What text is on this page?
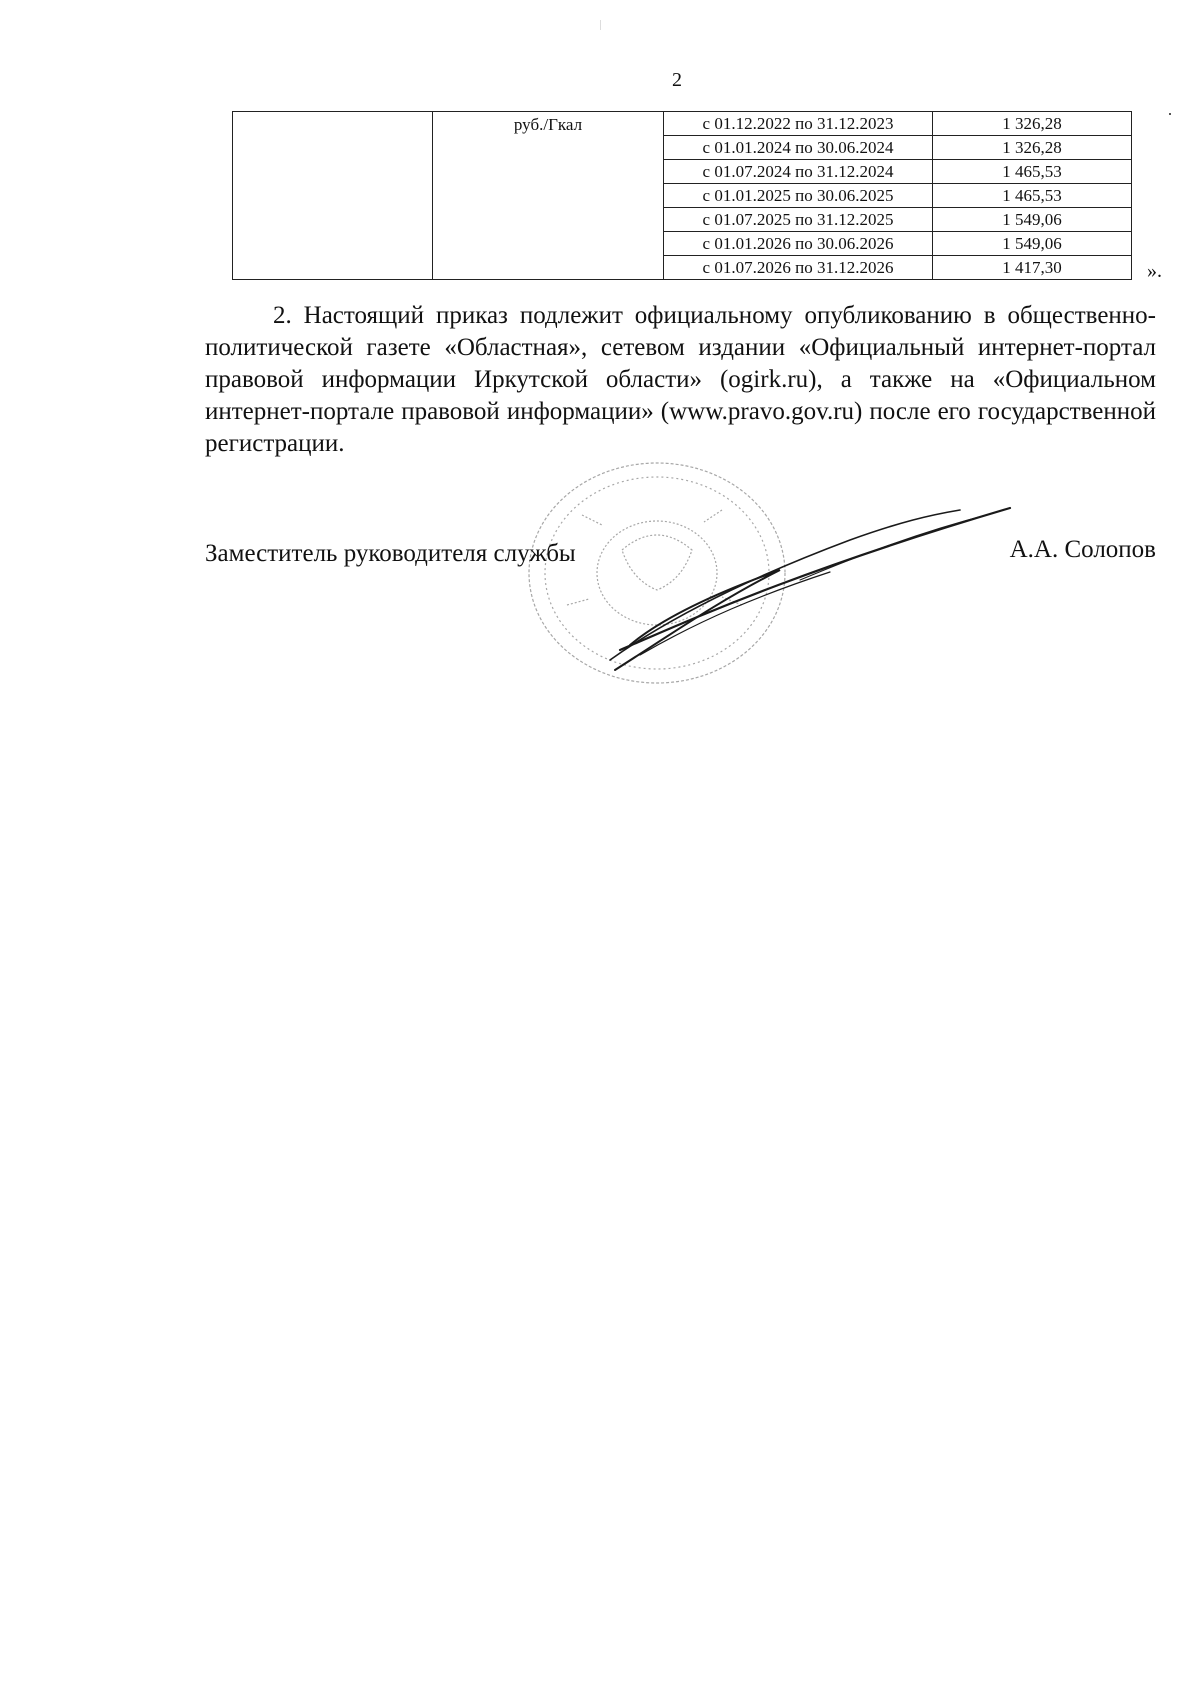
2
	руб./Гкал	с 01.12.2022 по 31.12.2023	1 326,28
		с 01.01.2024 по 30.06.2024	1 326,28
		с 01.07.2024 по 31.12.2024	1 465,53
		с 01.01.2025 по 30.06.2025	1 465,53
		с 01.07.2025 по 31.12.2025	1 549,06
		с 01.01.2026 по 30.06.2026	1 549,06
		с 01.07.2026 по 31.12.2026	1 417,30	».

2. Настоящий приказ подлежит официальному опубликованию в общественно-политической газете «Областная», сетевом издании «Официальный интернет-портал правовой информации Иркутской области» (ogirk.ru), а также на «Официальном интернет-портале правовой информации» (www.pravo.gov.ru) после его государственной регистрации.

Заместитель руководителя службы	А.А. Солопов
